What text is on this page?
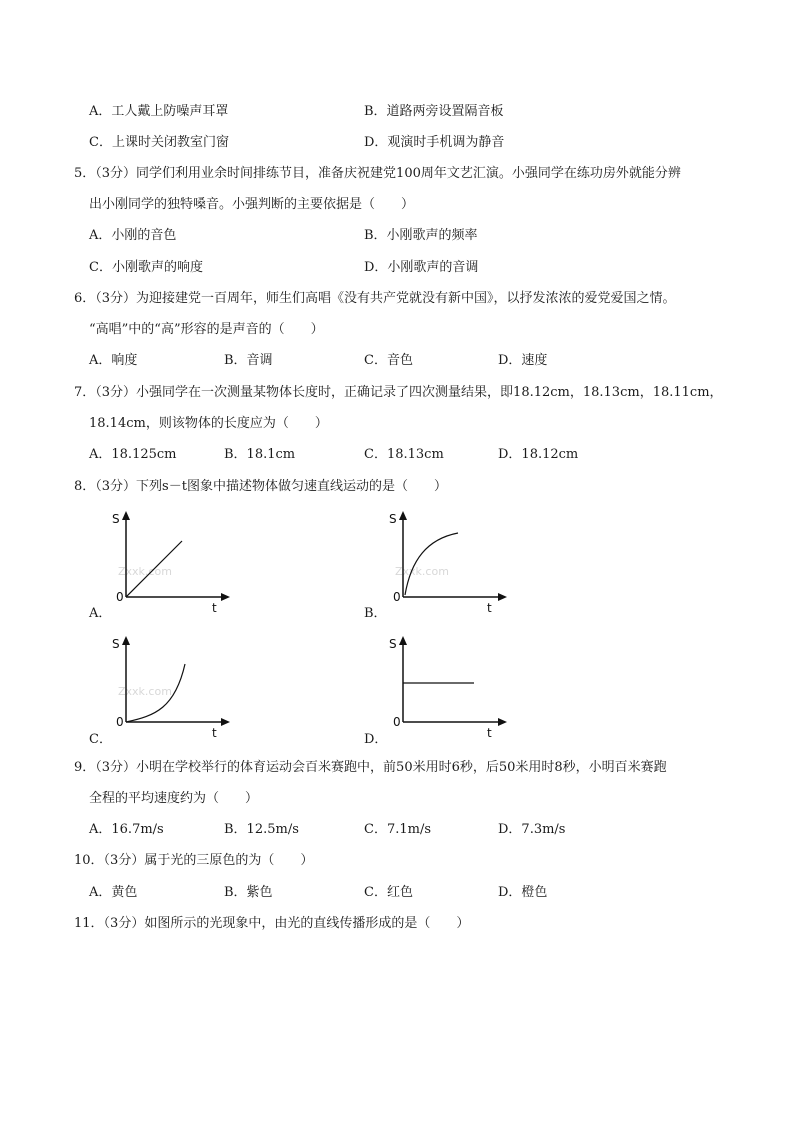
A．工人戴上防噪声耳罩	B．道路两旁设置隔音板
C．上课时关闭教室门窗	D．观演时手机调为静音
5．（3分）同学们利用业余时间排练节目，准备庆祝建党100周年文艺汇演。小强同学在练功房外就能分辨
出小刚同学的独特嗓音。小强判断的主要依据是（　　）
A．小刚的音色	B．小刚歌声的频率
C．小刚歌声的响度	D．小刚歌声的音调
6．（3分）为迎接建党一百周年，师生们高唱《没有共产党就没有新中国》，以抒发浓浓的爱党爱国之情。
“高唱”中的“高”形容的是声音的（　　）
A．响度	B．音调	C．音色	D．速度
7．（3分）小强同学在一次测量某物体长度时，正确记录了四次测量结果，即18.12cm，18.13cm，18.11cm，
18.14cm，则该物体的长度应为（　　）
A．18.125cm	B．18.1cm	C．18.13cm	D．18.12cm
8．（3分）下列s－t图象中描述物体做匀速直线运动的是（　　）
A．
Zxxk.com
S
t
0
B．
Zxxk.com
S
t
0
C．
Zxxk.com
S
t
0
D．
S
t
0
9．（3分）小明在学校举行的体育运动会百米赛跑中，前50米用时6秒，后50米用时8秒，小明百米赛跑
全程的平均速度约为（　　）
A．16.7m/s	B．12.5m/s	C．7.1m/s	D．7.3m/s
10．（3分）属于光的三原色的为（　　）
A．黄色	B．紫色	C．红色	D．橙色
11．（3分）如图所示的光现象中，由光的直线传播形成的是（　　）
